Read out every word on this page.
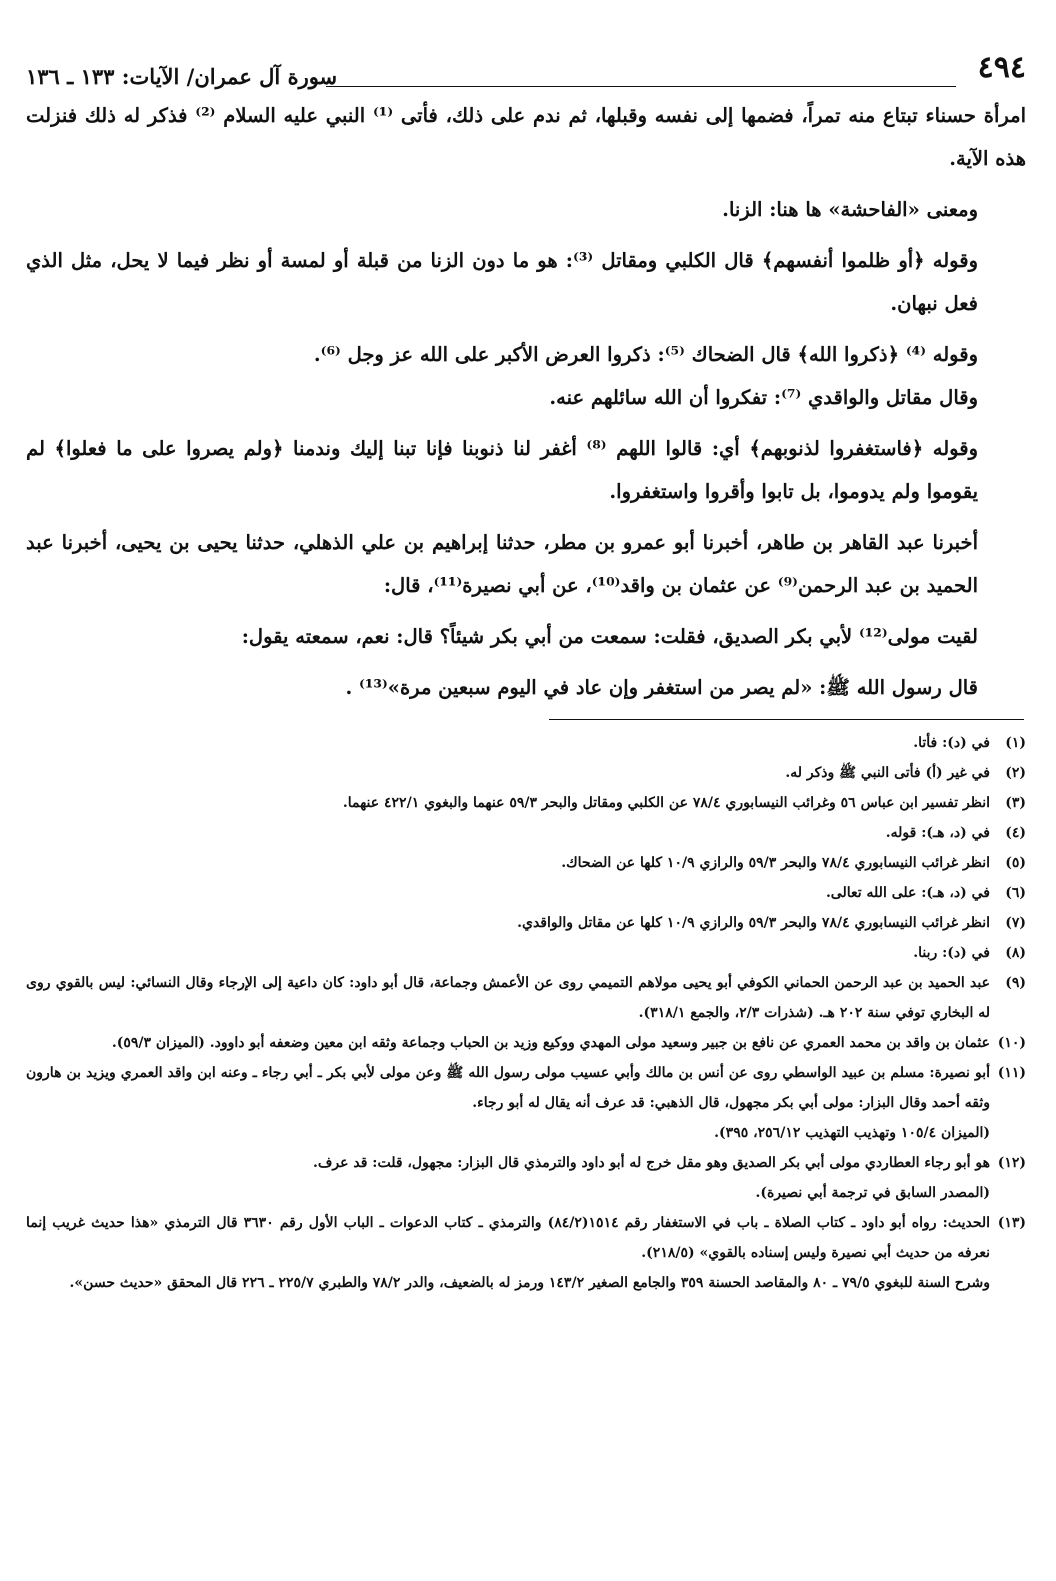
٤٩٤
سورة آل عمران/ الآيات: ١٣٣ ـ ١٣٦

امرأة حسناء تبتاع منه تمراً، فضمها إلى نفسه وقبلها، ثم ندم على ذلك، فأتى ⁽¹⁾ النبي عليه السلام ⁽²⁾ فذكر له ذلك فنزلت هذه الآية.

ومعنى «الفاحشة» ها هنا: الزنا.

وقوله ﴿أو ظلموا أنفسهم﴾ قال الكلبي ومقاتل ⁽³⁾: هو ما دون الزنا من قبلة أو لمسة أو نظر فيما لا يحل، مثل الذي فعل نبهان.

وقوله ⁽⁴⁾ ﴿ذكروا الله﴾ قال الضحاك ⁽⁵⁾: ذكروا العرض الأكبر على الله عز وجل ⁽⁶⁾.

وقال مقاتل والواقدي ⁽⁷⁾: تفكروا أن الله سائلهم عنه.

وقوله ﴿فاستغفروا لذنوبهم﴾ أي: قالوا اللهم ⁽⁸⁾ أغفر لنا ذنوبنا فإنا تبنا إليك وندمنا ﴿ولم يصروا على ما فعلوا﴾ لم يقوموا ولم يدوموا، بل تابوا وأقروا واستغفروا.

أخبرنا عبد القاهر بن طاهر، أخبرنا أبو عمرو بن مطر، حدثنا إبراهيم بن علي الذهلي، حدثنا يحيى بن يحيى، أخبرنا عبد الحميد بن عبد الرحمن⁽⁹⁾ عن عثمان بن واقد⁽¹⁰⁾، عن أبي نصيرة⁽¹¹⁾، قال:

لقيت مولى⁽¹²⁾ لأبي بكر الصديق، فقلت: سمعت من أبي بكر شيئاً؟ قال: نعم، سمعته يقول:

قال رسول الله ﷺ: «لم يصر من استغفر وإن عاد في اليوم سبعين مرة»⁽¹³⁾ .

(١)
في (د): فأتا.
(٢)
في غير (أ) فأتى النبي ﷺ وذكر له.
(٣)
انظر تفسير ابن عباس ٥٦ وغرائب النيسابوري ٧٨/٤ عن الكلبي ومقاتل والبحر ٥٩/٣ عنهما والبغوي ٤٢٢/١ عنهما.
(٤)
في (د، هـ): قوله.
(٥)
انظر غرائب النيسابوري ٧٨/٤ والبحر ٥٩/٣ والرازي ١٠/٩ كلها عن الضحاك.
(٦)
في (د، هـ): على الله تعالى.
(٧)
انظر غرائب النيسابوري ٧٨/٤ والبحر ٥٩/٣ والرازي ١٠/٩ كلها عن مقاتل والواقدي.
(٨)
في (د): ربنا.
(٩)
عبد الحميد بن عبد الرحمن الحماني الكوفي أبو يحيى مولاهم التميمي روى عن الأعمش وجماعة، قال أبو داود: كان داعية إلى الإرجاء وقال النسائي: ليس بالقوي روى له البخاري توفي سنة ٢٠٢ هـ. (شذرات ٢/٣، والجمع ٣١٨/١).
(١٠)
عثمان بن واقد بن محمد العمري عن نافع بن جبير وسعيد مولى المهدي ووكيع وزيد بن الحباب وجماعة وثقه ابن معين وضعفه أبو داوود. (الميزان ٥٩/٣).
(١١)
أبو نصيرة: مسلم بن عبيد الواسطي روى عن أنس بن مالك وأبي عسيب مولى رسول الله ﷺ وعن مولى لأبي بكر ـ أبي رجاء ـ وعنه ابن واقد العمري ويزيد بن هارون وثقه أحمد وقال البزار: مولى أبي بكر مجهول، قال الذهبي: قد عرف أنه يقال له أبو رجاء.
(الميزان ١٠٥/٤ وتهذيب التهذيب ٢٥٦/١٢، ٣٩٥).
(١٢)
هو أبو رجاء العطاردي مولى أبي بكر الصديق وهو مقل خرج له أبو داود والترمذي قال البزار: مجهول، قلت: قد عرف.
(المصدر السابق في ترجمة أبي نصيرة).
(١٣)
الحديث: رواه أبو داود ـ كتاب الصلاة ـ باب في الاستغفار رقم ١٥١٤(٨٤/٢) والترمذي ـ كتاب الدعوات ـ الباب الأول رقم ٣٦٣٠ قال الترمذي «هذا حديث غريب إنما نعرفه من حديث أبي نصيرة وليس إسناده بالقوي» (٢١٨/٥).
وشرح السنة للبغوي ٧٩/٥ ـ ٨٠ والمقاصد الحسنة ٣٥٩ والجامع الصغير ١٤٣/٢ ورمز له بالضعيف، والدر ٧٨/٢ والطبري ٢٢٥/٧ ـ ٢٢٦ قال المحقق «حديث حسن».
